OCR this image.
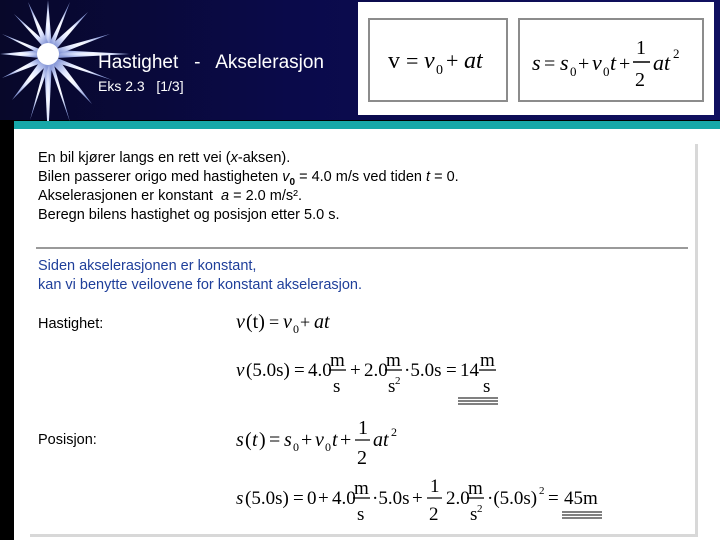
Hastighet   -   Akselerasjon
Eks 2.3   [1/3]
v = v 0 + at s = s 0 + v 0 t +
1
2
at 2
En bil kjører langs en rett vei (x-aksen).
Bilen passerer origo med hastigheten $v_0 = 4.0$ m/s ved tiden t = 0.
Akselerasjonen er konstant  a = 2.0 m/s².
Beregn bilens hastighet og posisjon etter 5.0 s.
Siden akselerasjonen er konstant,
kan vi benytte veilovene for konstant akselerasjon.
Hastighet:
Posisjon:
v (t) = v 0 + at
v (5.0s) = 4.0
m
s
+ 2.0
m
s 2 ·5.0s = 14 m
s
s ( t ) = s 0 + v 0 t +
1
2
at 2
s (5.0s) = 0 + 4.0
m
s
·5.0s +
1
2
2.0
m
s 2 ·(5.0s) 2 = 45m
